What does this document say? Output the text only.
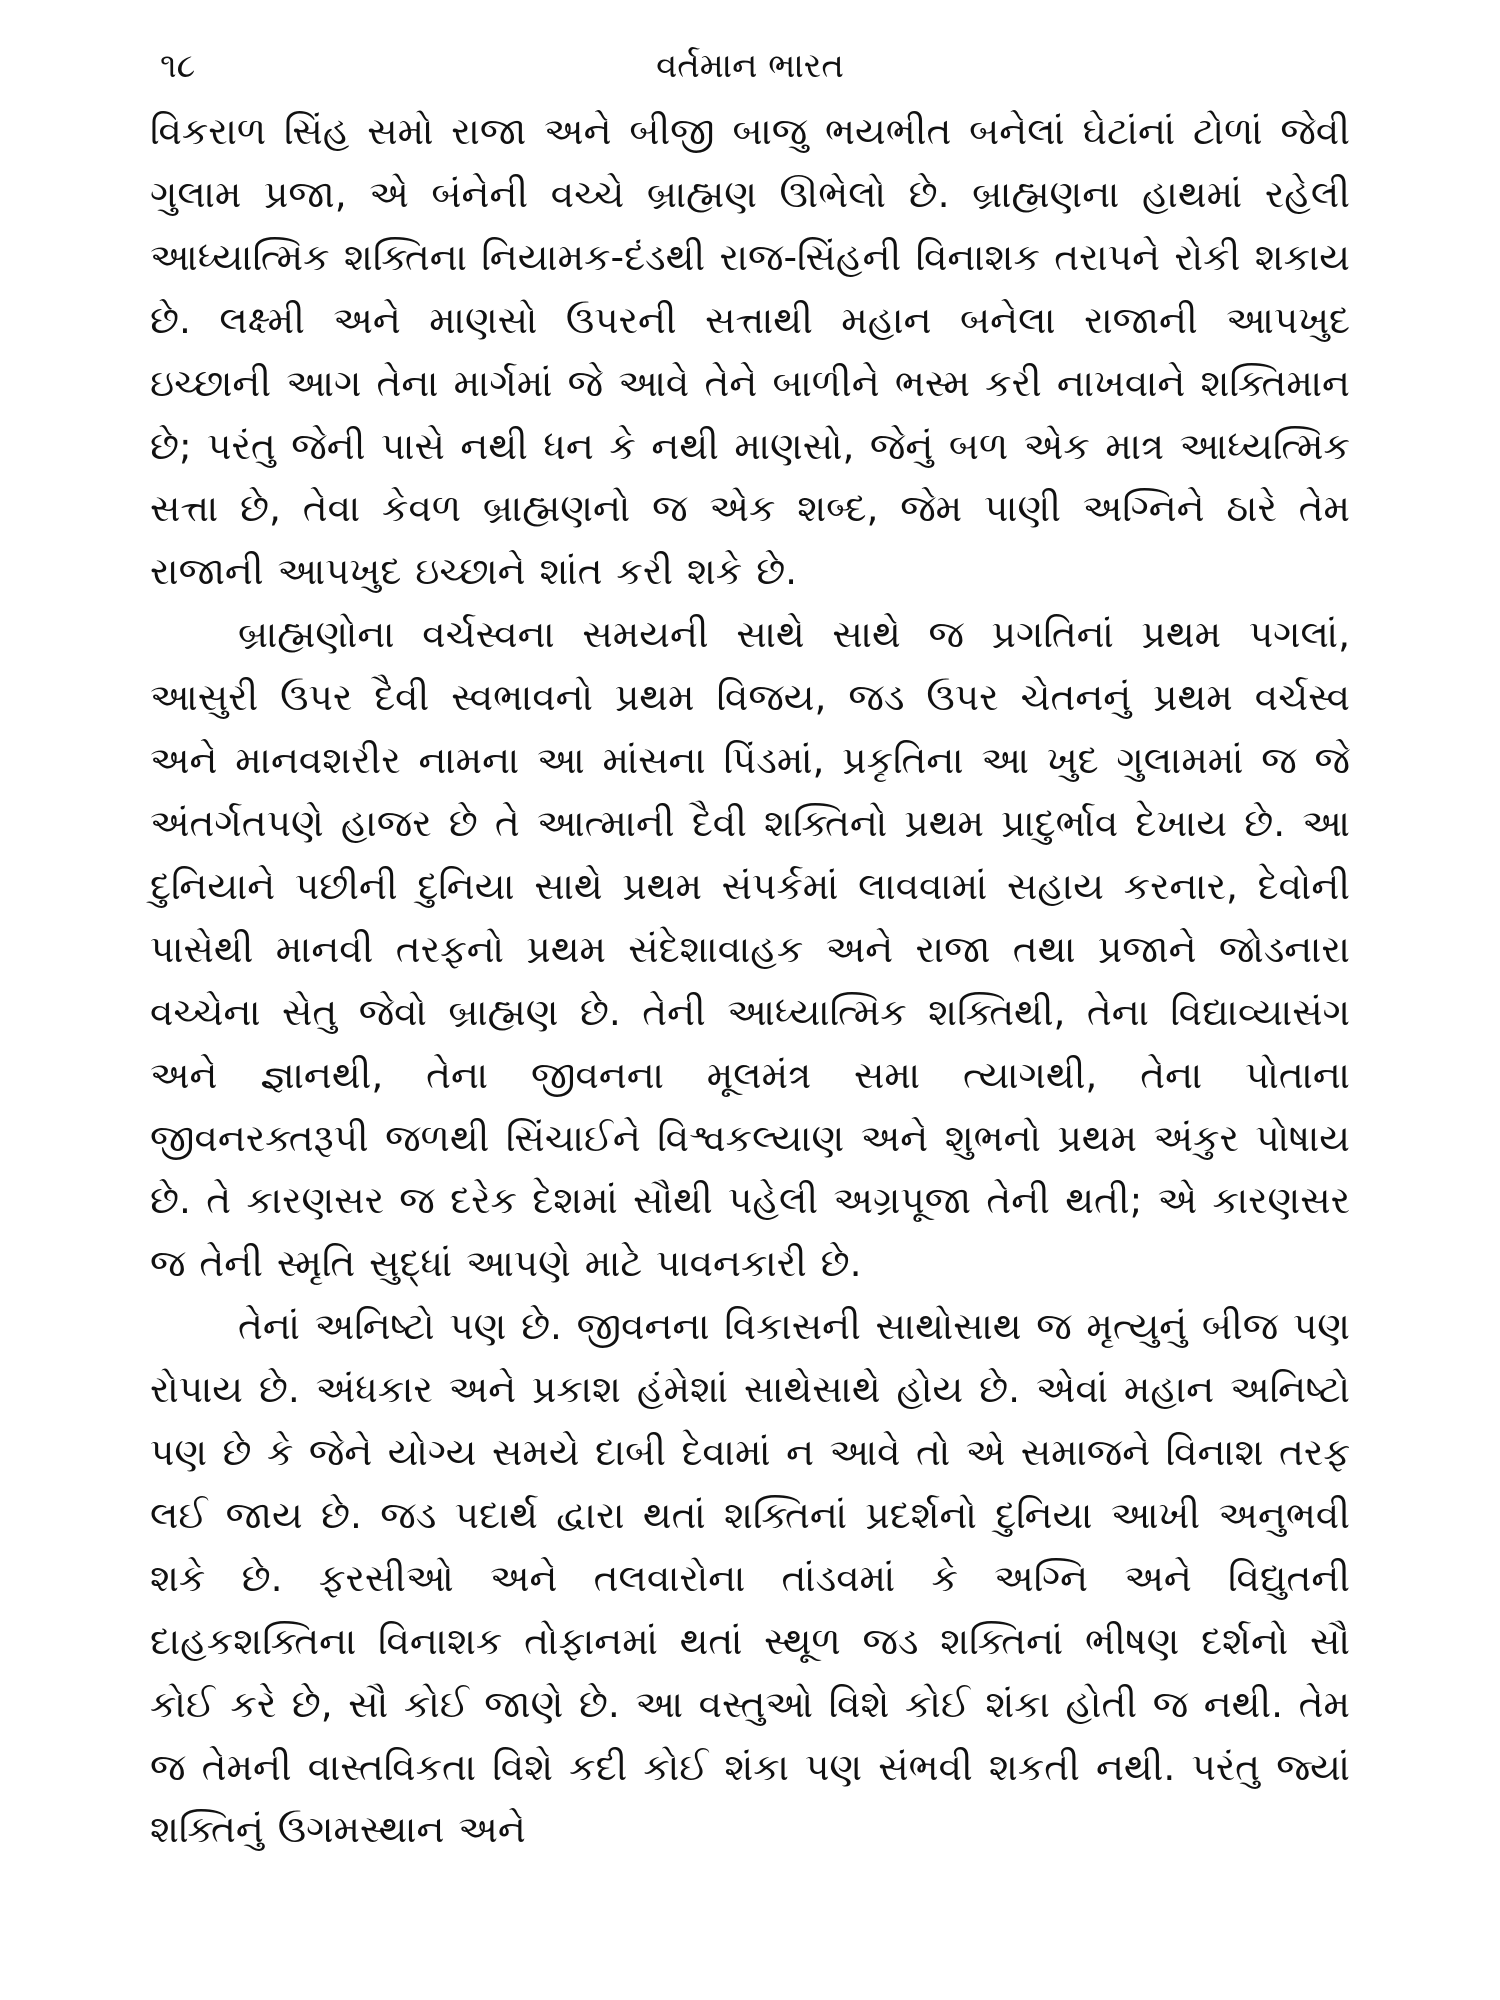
૧૮	વર્તમાન ભારત

વિકરાળ સિંહ સમો રાજા અને બીજી બાજુ ભયભીત બનેલાં ઘેટાંનાં ટોળાં જેવી ગુલામ પ્રજા, એ બંનેની વચ્ચે બ્રાહ્મણ ઊભેલો છે. બ્રાહ્મણના હાથમાં રહેલી આધ્યાત્મિક શક્તિના નિયામક-દંડથી રાજ-સિંહની વિનાશક તરાપને રોકી શકાય છે. લક્ષ્મી અને માણસો ઉપરની સત્તાથી મહાન બનેલા રાજાની આપખુદ ઇચ્છાની આગ તેના માર્ગમાં જે આવે તેને બાળીને ભસ્મ કરી નાખવાને શક્તિમાન છે; પરંતુ જેની પાસે નથી ધન કે નથી માણસો, જેનું બળ એક માત્ર આધ્યત્મિક સત્તા છે, તેવા કેવળ બ્રાહ્મણનો જ એક શબ્દ, જેમ પાણી અગ્નિને ઠારે તેમ રાજાની આપખુદ ઇચ્છાને શાંત કરી શકે છે.

બ્રાહ્મણોના વર્ચસ્વના સમયની સાથે સાથે જ પ્રગતિનાં પ્રથમ પગલાં, આસુરી ઉપર દૈવી સ્વભાવનો પ્રથમ વિજય, જડ ઉપર ચેતનનું પ્રથમ વર્ચસ્વ અને માનવશરીર નામના આ માંસના પિંડમાં, પ્રકૃતિના આ ખુદ ગુલામમાં જ જે અંતર્ગતપણે હાજર છે તે આત્માની દૈવી શક્તિનો પ્રથમ પ્રાદુર્ભાવ દેખાય છે. આ દુનિયાને પછીની દુનિયા સાથે પ્રથમ સંપર્કમાં લાવવામાં સહાય કરનાર, દેવોની પાસેથી માનવી તરફનો પ્રથમ સંદેશાવાહક અને રાજા તથા પ્રજાને જોડનારા વચ્ચેના સેતુ જેવો બ્રાહ્મણ છે. તેની આધ્યાત્મિક શક્તિથી, તેના વિદ્યાવ્યાસંગ અને જ્ઞાનથી, તેના જીવનના મૂલમંત્ર સમા ત્યાગથી, તેના પોતાના જીવનરક્તરૂપી જળથી સિંચાઈને વિશ્વકલ્યાણ અને શુભનો પ્રથમ અંકુર પોષાય છે. તે કારણસર જ દરેક દેશમાં સૌથી પહેલી અગ્રપૂજા તેની થતી; એ કારણસર જ તેની સ્મૃતિ સુદ્ધાં આપણે માટે પાવનકારી છે.

તેનાં અનિષ્ટો પણ છે. જીવનના વિકાસની સાથોસાથ જ મૃત્યુનું બીજ પણ રોપાય છે. અંધકાર અને પ્રકાશ હંમેશાં સાથેસાથે હોય છે. એવાં મહાન અનિષ્ટો પણ છે કે જેને યોગ્ય સમયે દાબી દેવામાં ન આવે તો એ સમાજને વિનાશ તરફ લઈ જાય છે. જડ પદાર્થ દ્વારા થતાં શક્તિનાં પ્રદર્શનો દુનિયા આખી અનુભવી શકે છે. ફરસીઓ અને તલવારોના તાંડવમાં કે અગ્નિ અને વિદ્યુતની દાહકશક્તિના વિનાશક તોફાનમાં થતાં સ્થૂળ જડ શક્તિનાં ભીષણ દર્શનો સૌ કોઈ કરે છે, સૌ કોઈ જાણે છે. આ વસ્તુઓ વિશે કોઈ શંકા હોતી જ નથી. તેમ જ તેમની વાસ્તવિકતા વિશે કદી કોઈ શંકા પણ સંભવી શકતી નથી. પરંતુ જ્યાં શક્તિનું ઉગમસ્થાન અને
